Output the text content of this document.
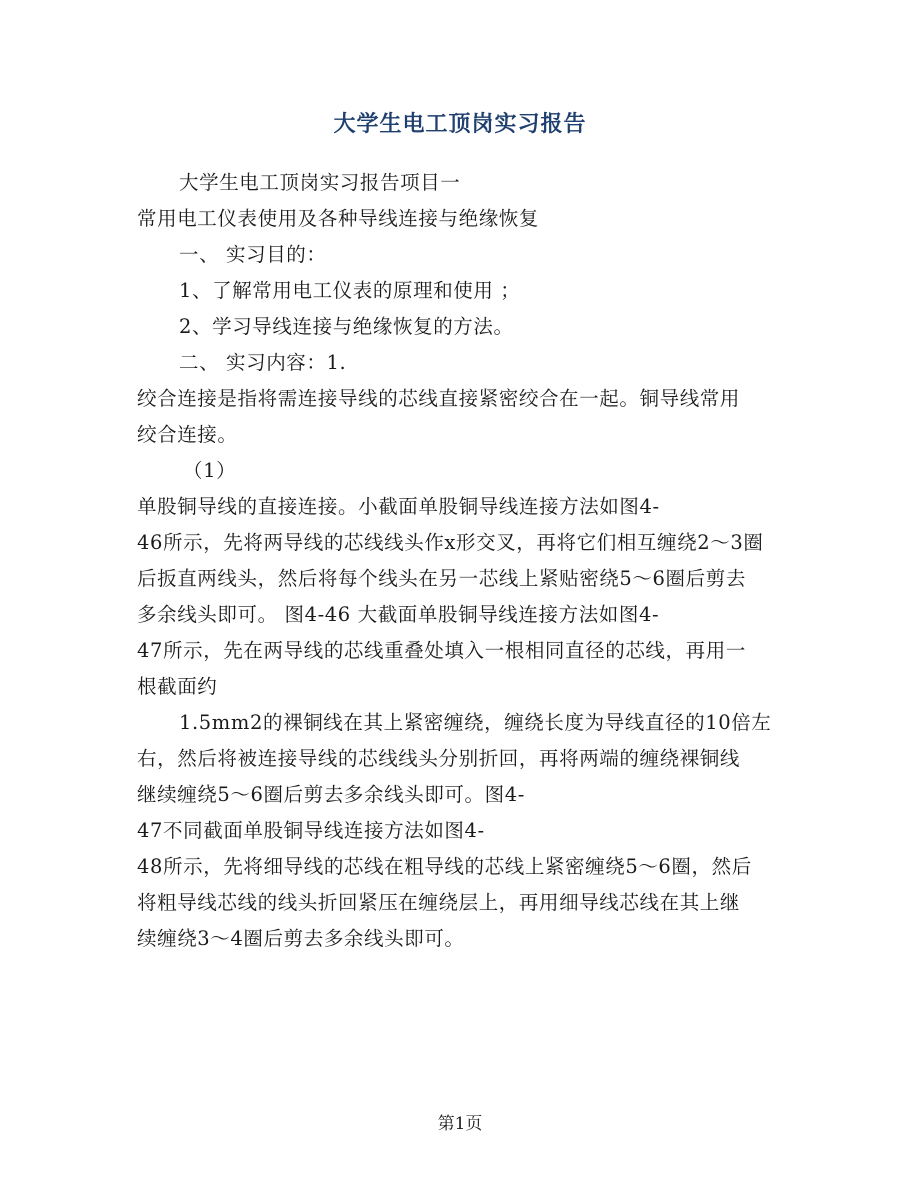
大学生电工顶岗实习报告
大学生电工顶岗实习报告项目一
常用电工仪表使用及各种导线连接与绝缘恢复
一、 实习目的：
1、了解常用电工仪表的原理和使用 ；
2、学习导线连接与绝缘恢复的方法。
二、 实习内容：1.
绞合连接是指将需连接导线的芯线直接紧密绞合在一起。铜导线常用
绞合连接。
（1）
单股铜导线的直接连接。小截面单股铜导线连接方法如图4-
46所示，先将两导线的芯线线头作x形交叉，再将它们相互缠绕2～3圈
后扳直两线头，然后将每个线头在另一芯线上紧贴密绕5～6圈后剪去
多余线头即可。 图4-46 大截面单股铜导线连接方法如图4-
47所示，先在两导线的芯线重叠处填入一根相同直径的芯线，再用一
根截面约
1.5mm2的裸铜线在其上紧密缠绕，缠绕长度为导线直径的10倍左
右，然后将被连接导线的芯线线头分别折回，再将两端的缠绕裸铜线
继续缠绕5～6圈后剪去多余线头即可。图4-
47不同截面单股铜导线连接方法如图4-
48所示，先将细导线的芯线在粗导线的芯线上紧密缠绕5～6圈，然后
将粗导线芯线的线头折回紧压在缠绕层上，再用细导线芯线在其上继
续缠绕3～4圈后剪去多余线头即可。
第1页
